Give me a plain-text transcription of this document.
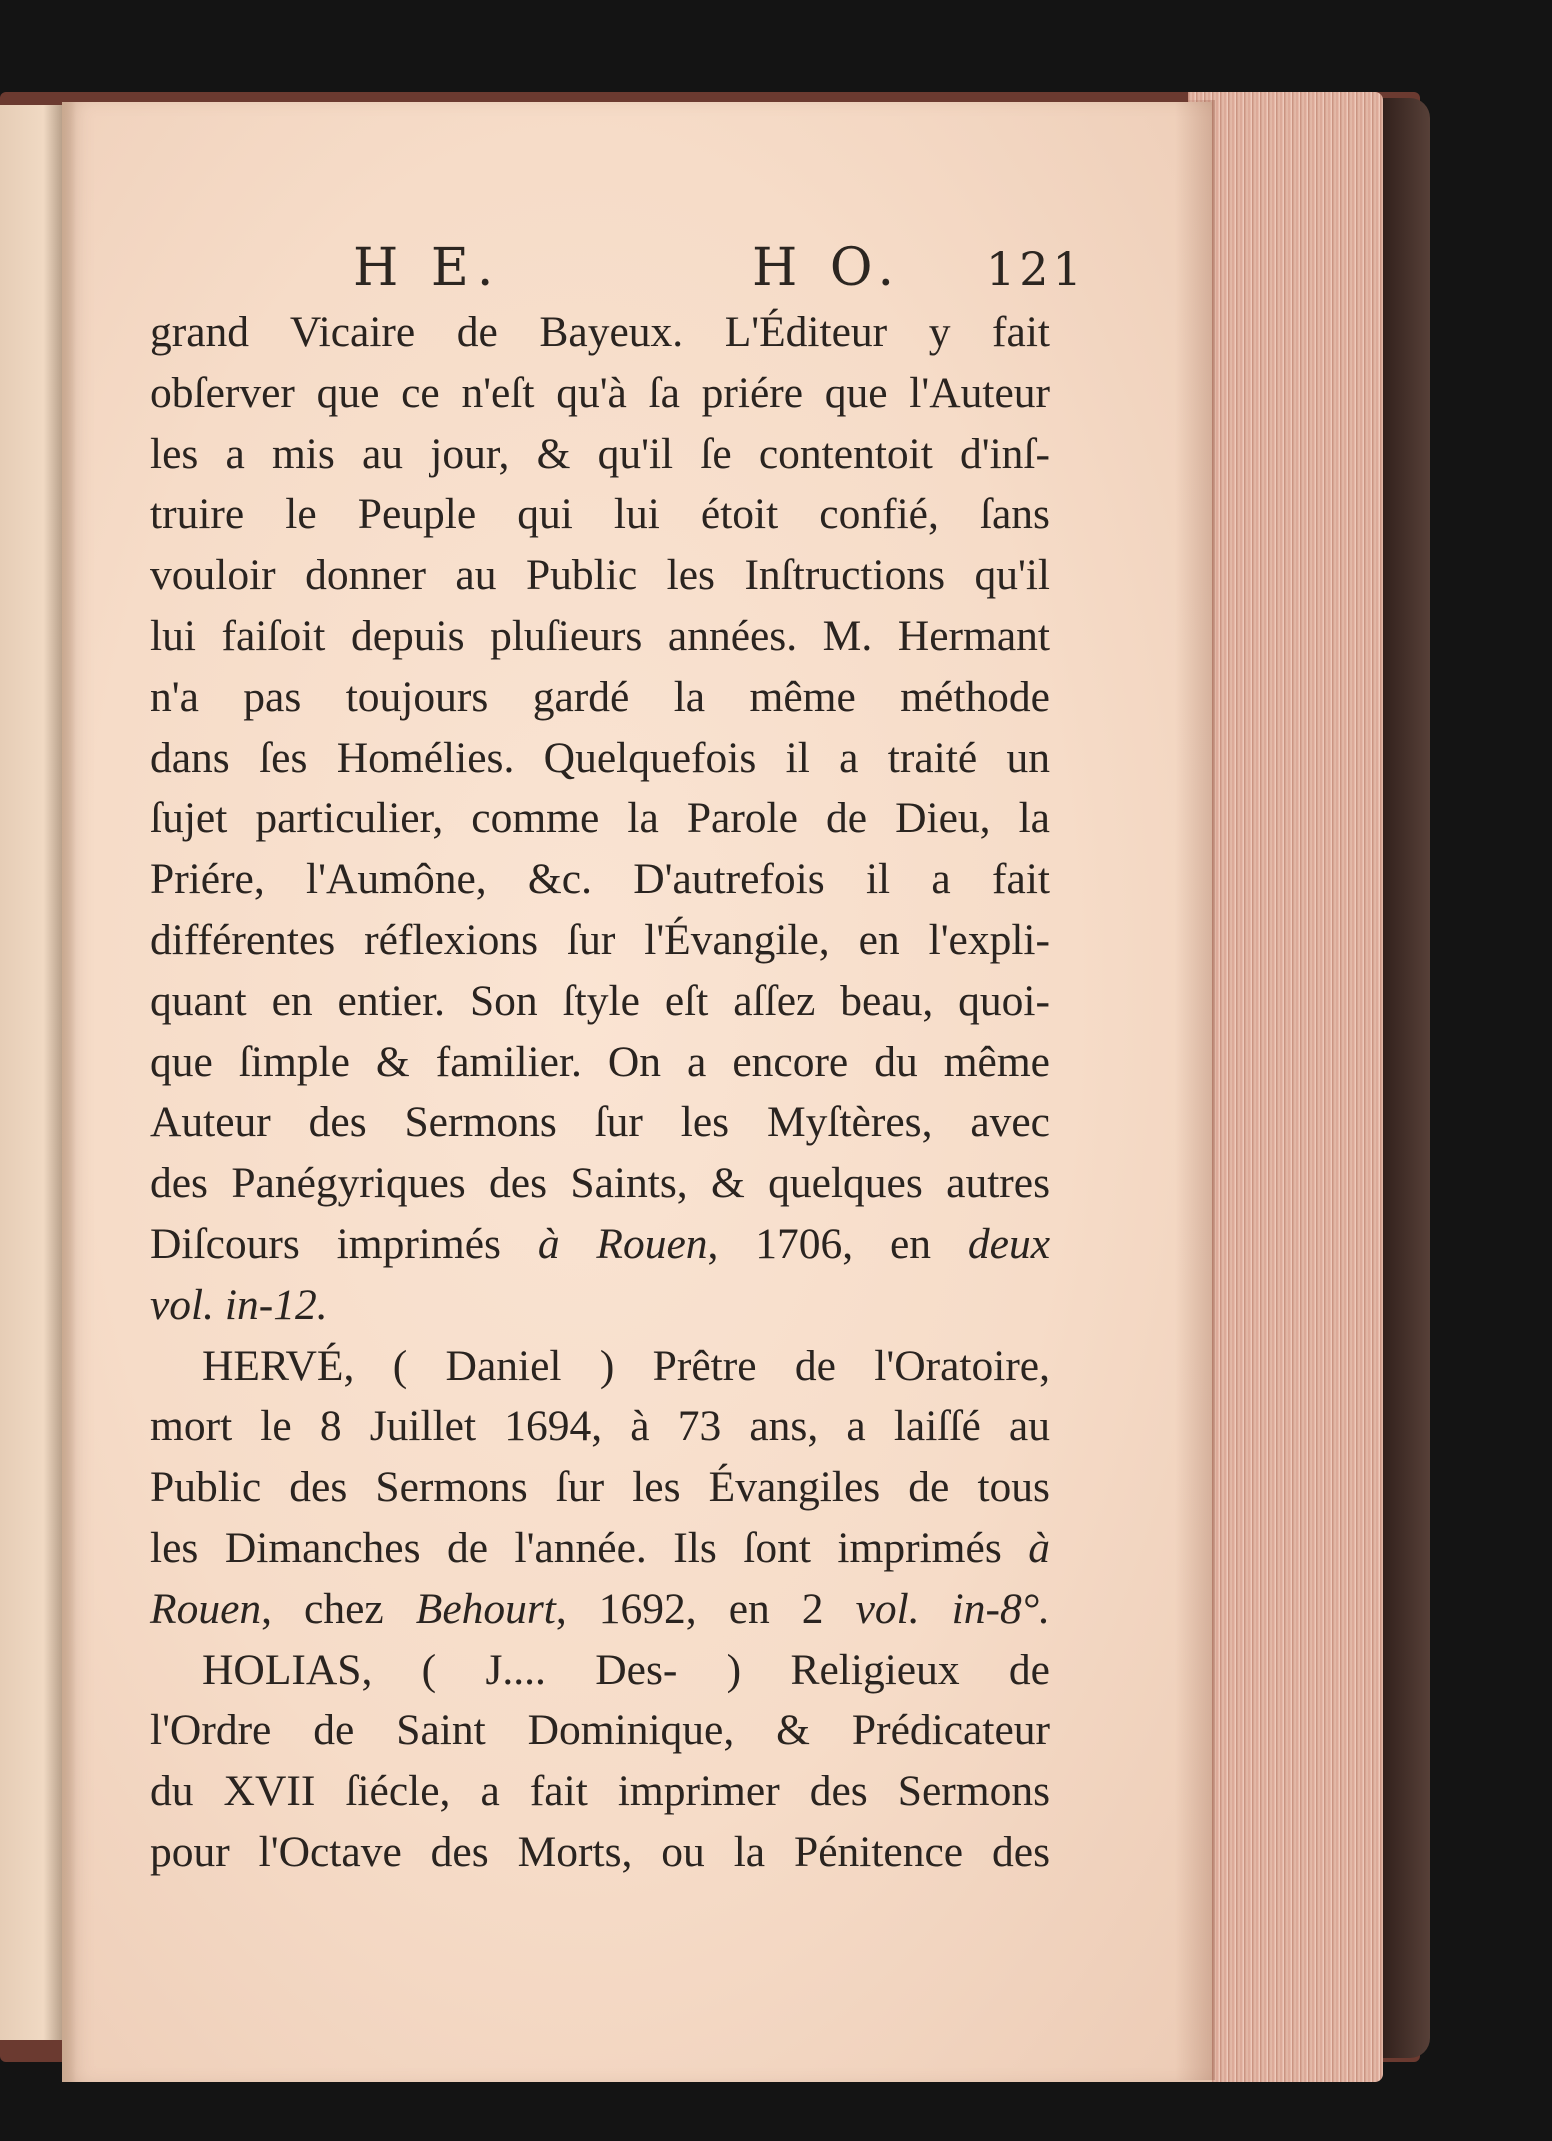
H E.	H O. 121
grand Vicaire de Bayeux. L'Éditeur y fait
obſerver que ce n'eſt qu'à ſa priére que l'Auteur
les a mis au jour, & qu'il ſe contentoit d'inſ-
truire le Peuple qui lui étoit confié, ſans
vouloir donner au Public les Inſtructions qu'il
lui faiſoit depuis pluſieurs années. M. Hermant
n'a pas toujours gardé la même méthode
dans ſes Homélies. Quelquefois il a traité un
ſujet particulier, comme la Parole de Dieu, la
Priére, l'Aumône, &c. D'autrefois il a fait
différentes réflexions ſur l'Évangile, en l'expli-
quant en entier. Son ſtyle eſt aſſez beau, quoi-
que ſimple & familier. On a encore du même
Auteur des Sermons ſur les Myſtères, avec
des Panégyriques des Saints, & quelques autres
Diſcours imprimés à Rouen, 1706, en deux
vol. in-12.
HERVÉ, ( Daniel ) Prêtre de l'Oratoire,
mort le 8 Juillet 1694, à 73 ans, a laiſſé au
Public des Sermons ſur les Évangiles de tous
les Dimanches de l'année. Ils ſont imprimés à
Rouen, chez Behourt, 1692, en 2 vol. in-8°.
HOLIAS, ( J.... Des- ) Religieux de
l'Ordre de Saint Dominique, & Prédicateur
du XVII ſiécle, a fait imprimer des Sermons
pour l'Octave des Morts, ou la Pénitence des
